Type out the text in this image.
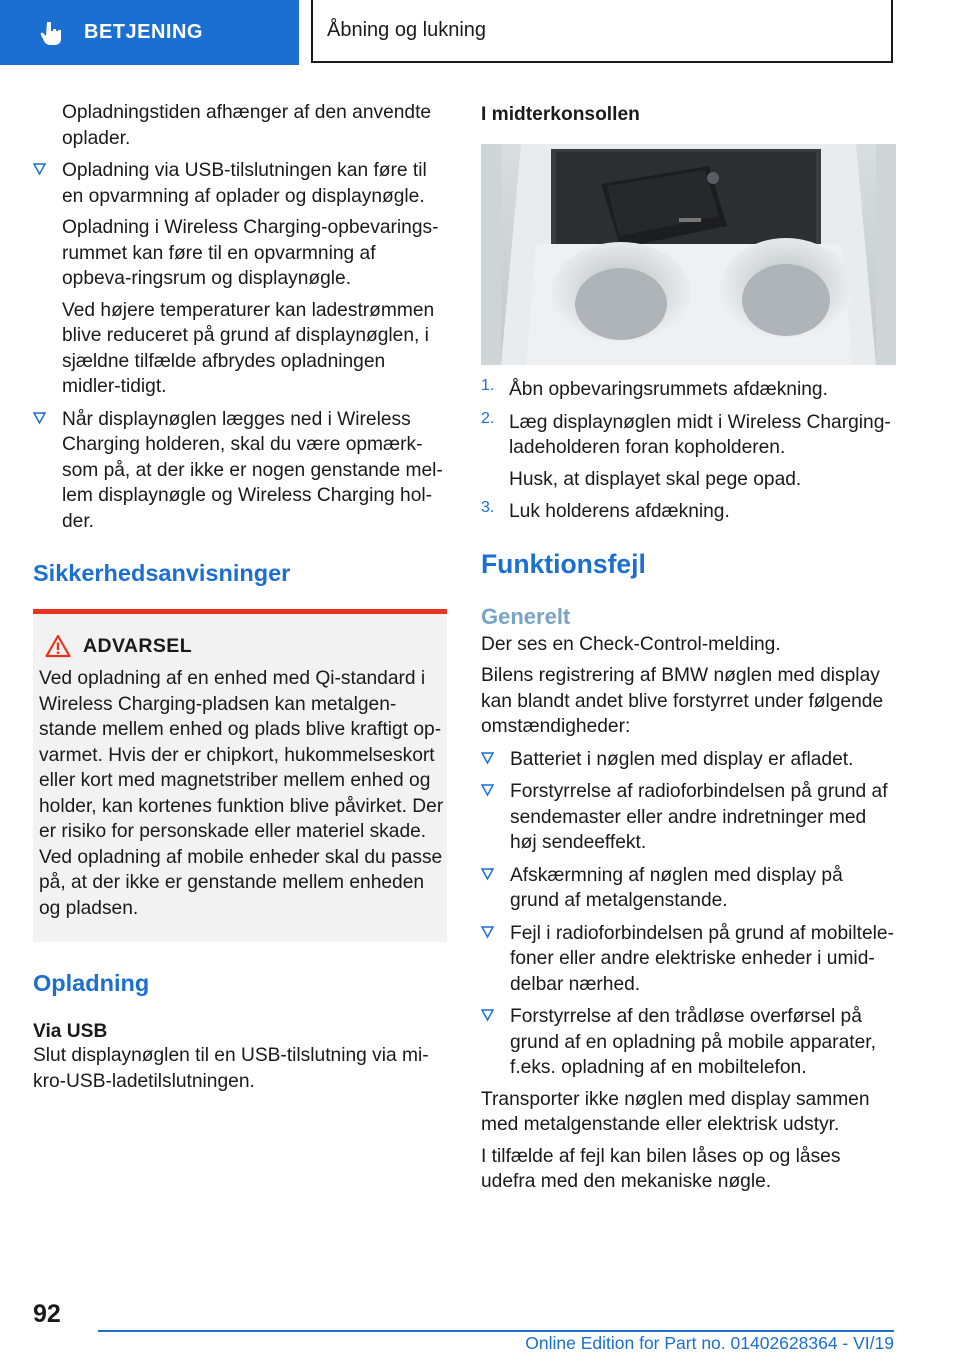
BETJENING	Åbning og lukning

Opladningstiden afhænger af den anvendte oplader.

Opladning via USB-tilslutningen kan føre til en opvarmning af oplader og displaynøgle.

Opladning i Wireless Charging-opbevarings-rummet kan føre til en opvarmning af opbeva-ringsrum og displaynøgle.

Ved højere temperaturer kan ladestrømmen blive reduceret på grund af displaynøglen, i sjældne tilfælde afbrydes opladningen midler-tidigt.

Når displaynøglen lægges ned i Wireless Charging holderen, skal du være opmærk-som på, at der ikke er nogen genstande mel-lem displaynøgle og Wireless Charging hol-der.

Sikkerhedsanvisninger
ADVARSEL

Ved opladning af en enhed med Qi-standard i Wireless Charging-pladsen kan metalgen-stande mellem enhed og plads blive kraftigt op-varmet. Hvis der er chipkort, hukommelseskort eller kort med magnetstriber mellem enhed og holder, kan kortenes funktion blive påvirket. Der er risiko for personskade eller materiel skade. Ved opladning af mobile enheder skal du passe på, at der ikke er genstande mellem enheden og pladsen.

Opladning
Via USB

Slut displaynøglen til en USB-tilslutning via mi-kro-USB-ladetilslutningen.

I midterkonsollen
1. Åbn opbevaringsrummets afdækning.

2. Læg displaynøglen midt i Wireless Charging-ladeholderen foran kopholderen.

Husk, at displayet skal pege opad.

3. Luk holderens afdækning.

Funktionsfejl
Generelt

Der ses en Check-Control-melding.

Bilens registrering af BMW nøglen med display kan blandt andet blive forstyrret under følgende omstændigheder:

Batteriet i nøglen med display er afladet.

Forstyrrelse af radioforbindelsen på grund af sendemaster eller andre indretninger med høj sendeeffekt.

Afskærmning af nøglen med display på grund af metalgenstande.

Fejl i radioforbindelsen på grund af mobiltele-foner eller andre elektriske enheder i umid-delbar nærhed.

Forstyrrelse af den trådløse overførsel på grund af en opladning på mobile apparater, f.eks. opladning af en mobiltelefon.

Transporter ikke nøglen med display sammen med metalgenstande eller elektrisk udstyr.

I tilfælde af fejl kan bilen låses op og låses udefra med den mekaniske nøgle.

92
Online Edition for Part no. 01402628364 - VI/19
